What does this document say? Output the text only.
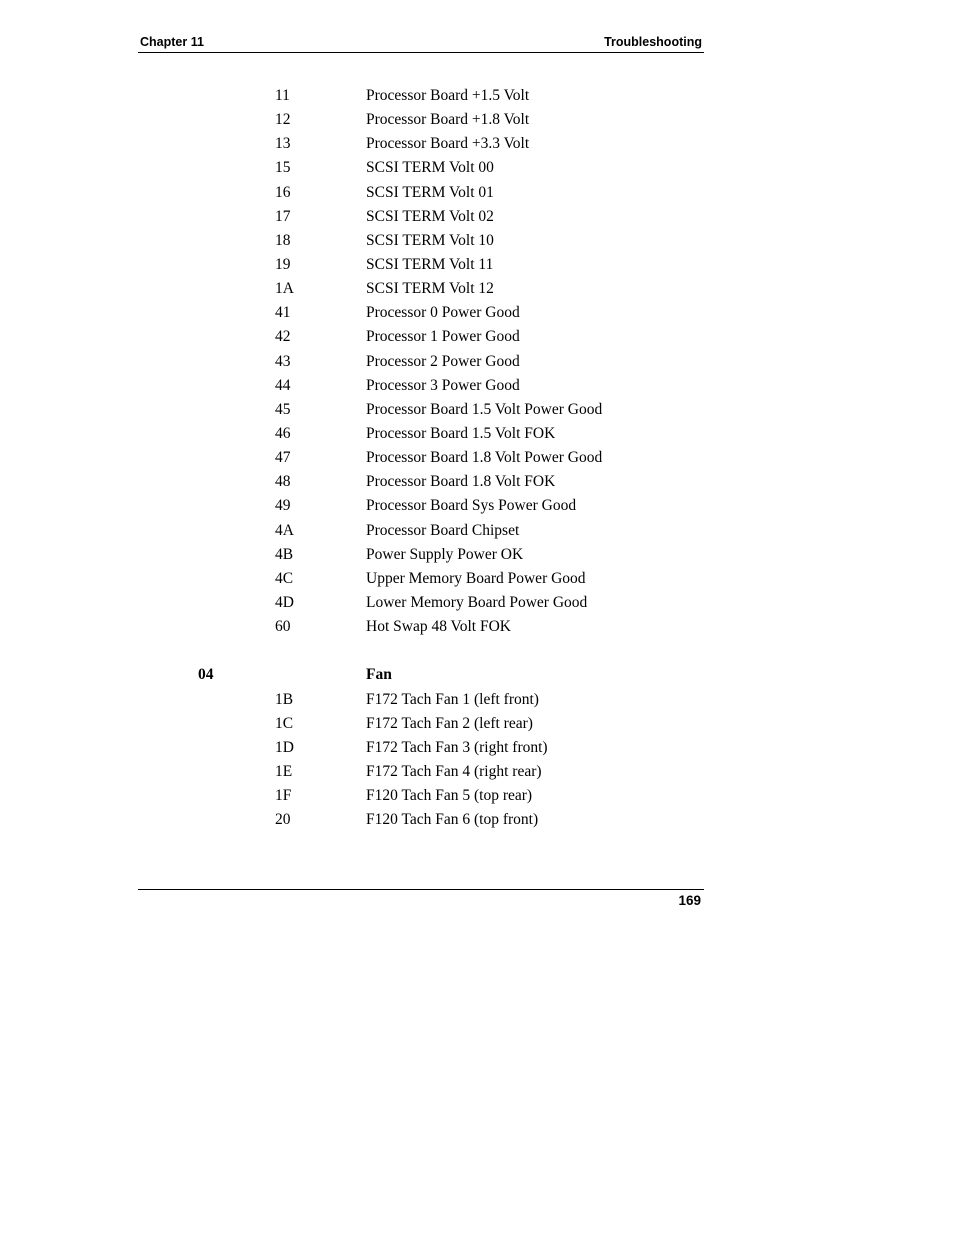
Chapter 11	Troubleshooting
11	Processor Board +1.5 Volt
12	Processor Board +1.8 Volt
13	Processor Board +3.3 Volt
15	SCSI TERM Volt 00
16	SCSI TERM Volt 01
17	SCSI TERM Volt 02
18	SCSI TERM Volt 10
19	SCSI TERM Volt 11
1A	SCSI TERM Volt 12
41	Processor 0 Power Good
42	Processor 1 Power Good
43	Processor 2 Power Good
44	Processor 3 Power Good
45	Processor Board 1.5 Volt Power Good
46	Processor Board 1.5 Volt FOK
47	Processor Board 1.8 Volt Power Good
48	Processor Board 1.8 Volt FOK
49	Processor Board Sys Power Good
4A	Processor Board Chipset
4B	Power Supply Power OK
4C	Upper Memory Board Power Good
4D	Lower Memory Board Power Good
60	Hot Swap 48 Volt FOK
04	Fan
1B	F172 Tach Fan 1 (left front)
1C	F172 Tach Fan 2 (left rear)
1D	F172 Tach Fan 3 (right front)
1E	F172 Tach Fan 4 (right rear)
1F	F120 Tach Fan 5 (top rear)
20	F120 Tach Fan 6 (top front)
169
